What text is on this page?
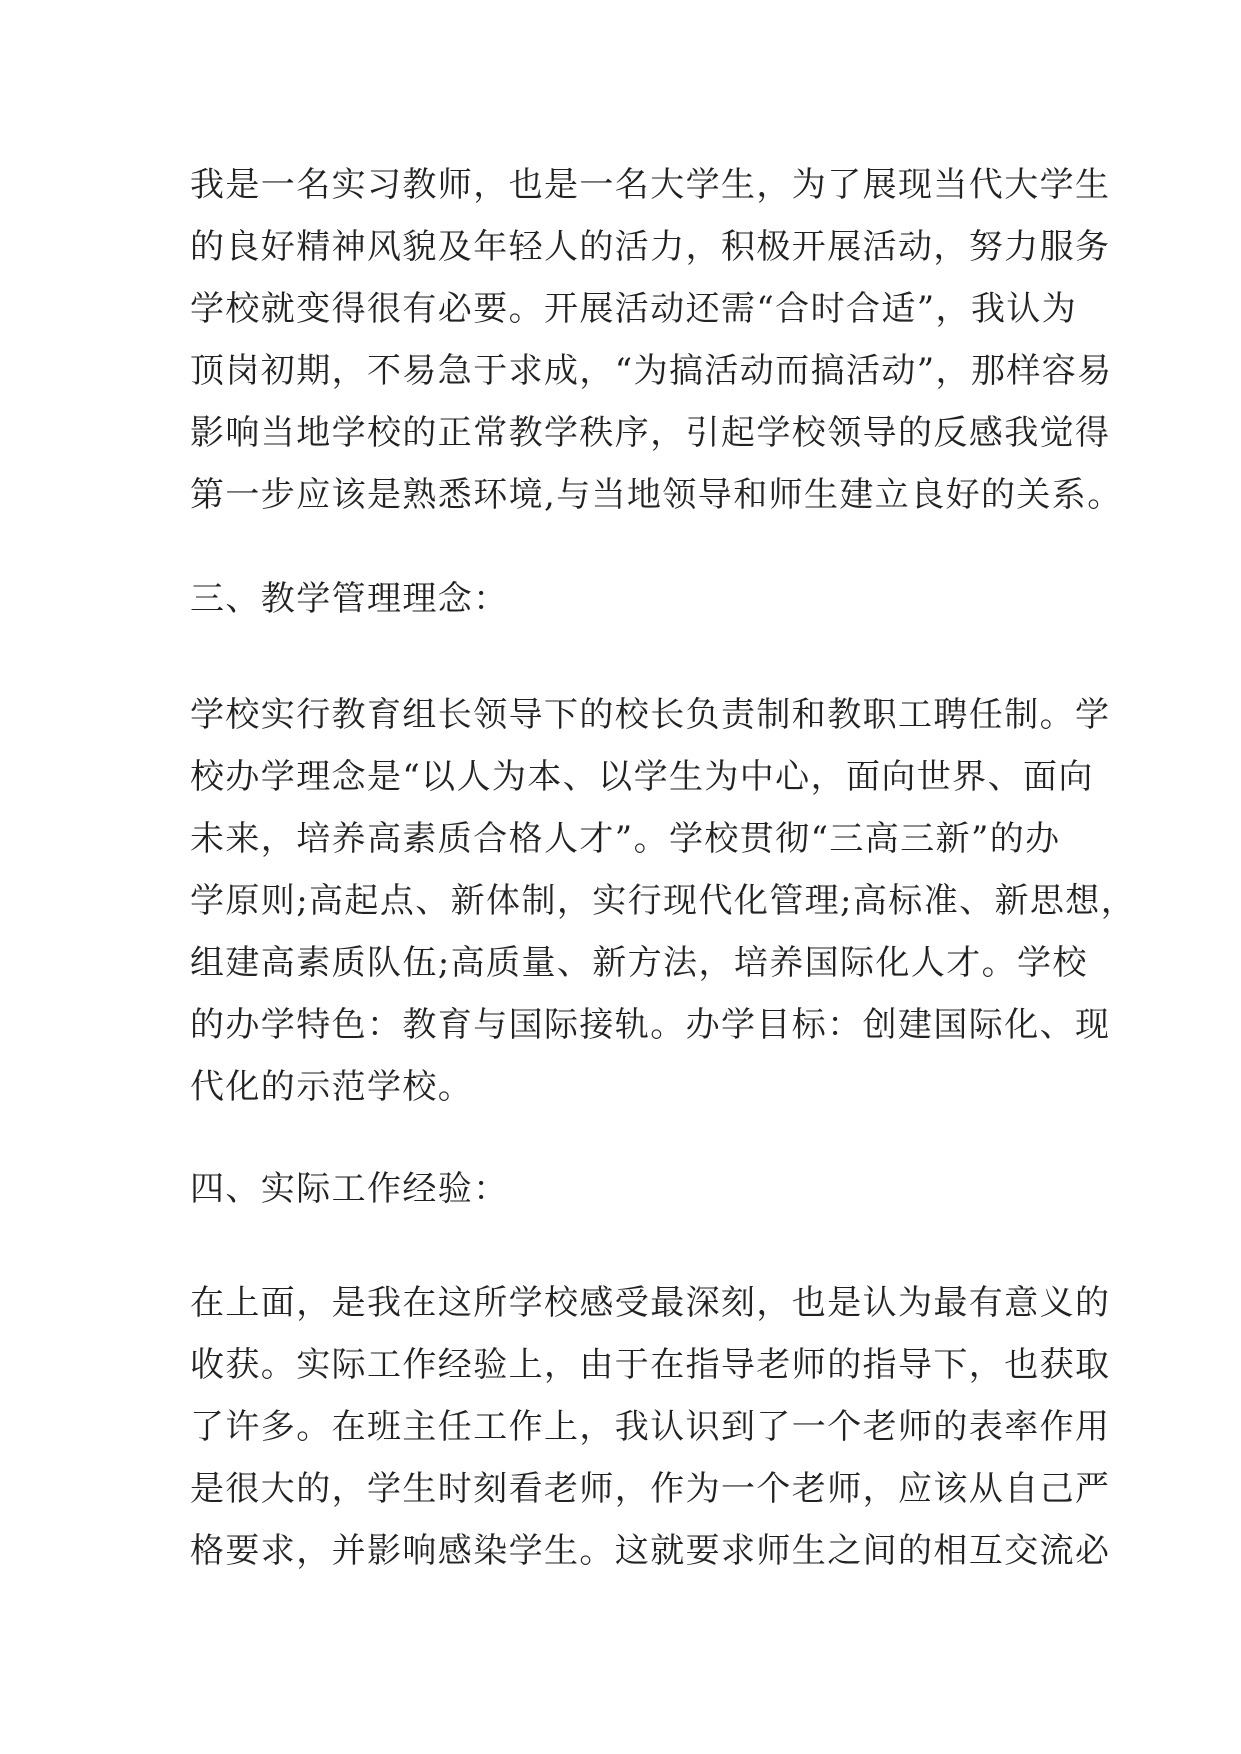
我是一名实习教师，也是一名大学生，为了展现当代大学生
的良好精神风貌及年轻人的活力，积极开展活动，努力服务
学校就变得很有必要。开展活动还需“合时合适”，我认为
顶岗初期，不易急于求成，“为搞活动而搞活动”，那样容易
影响当地学校的正常教学秩序，引起学校领导的反感我觉得
第一步应该是熟悉环境,与当地领导和师生建立良好的关系。
三、教学管理理念：
学校实行教育组长领导下的校长负责制和教职工聘任制。学
校办学理念是“以人为本、以学生为中心，面向世界、面向
未来，培养高素质合格人才”。学校贯彻“三高三新”的办
学原则;高起点、新体制，实行现代化管理;高标准、新思想，
组建高素质队伍;高质量、新方法，培养国际化人才。学校
的办学特色：教育与国际接轨。办学目标：创建国际化、现
代化的示范学校。
四、实际工作经验：
在上面，是我在这所学校感受最深刻，也是认为最有意义的
收获。实际工作经验上，由于在指导老师的指导下，也获取
了许多。在班主任工作上，我认识到了一个老师的表率作用
是很大的，学生时刻看老师，作为一个老师，应该从自己严
格要求，并影响感染学生。这就要求师生之间的相互交流必
